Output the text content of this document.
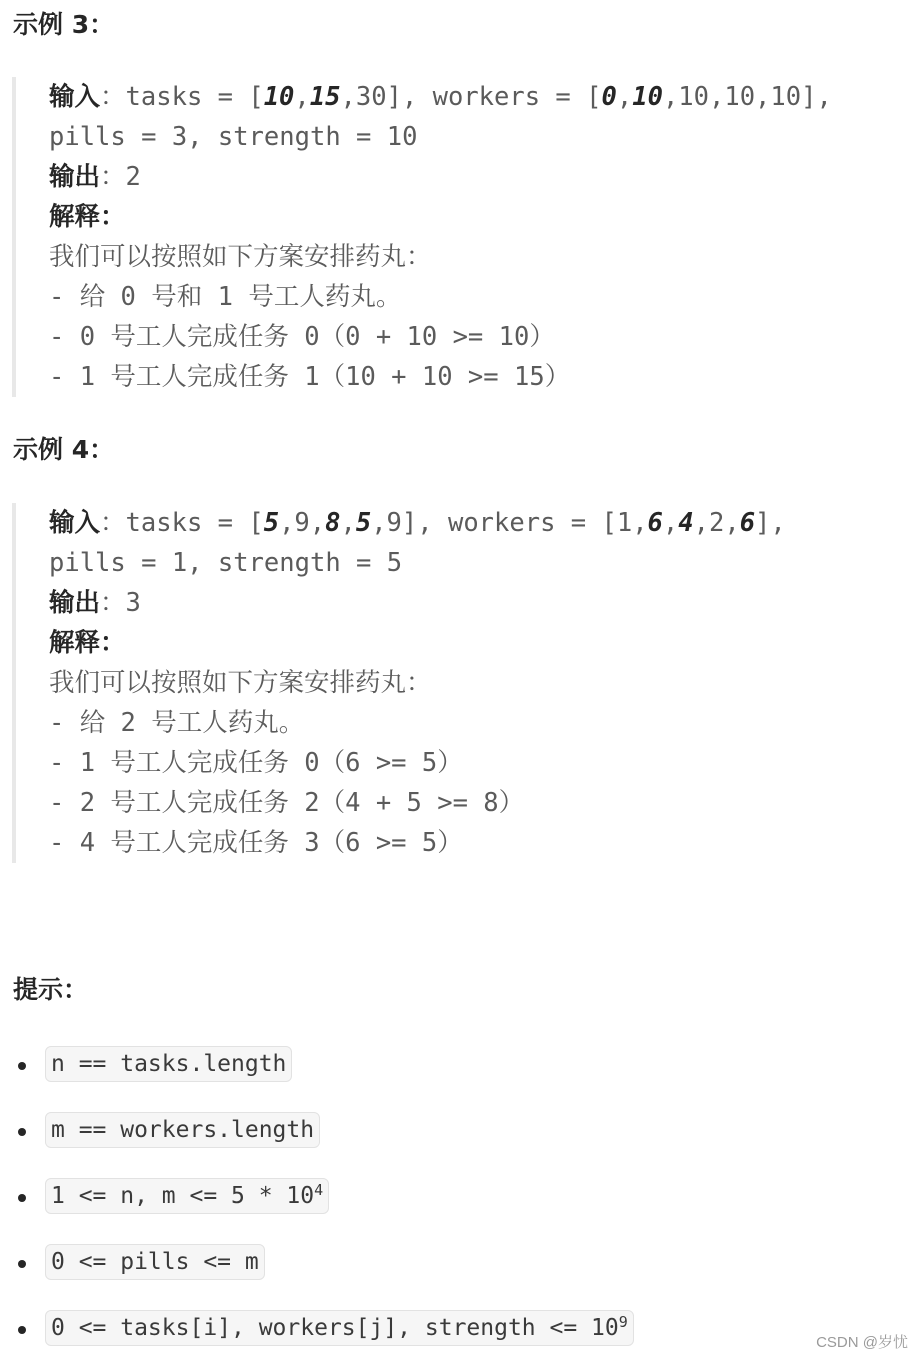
示例 3：
输入：tasks = [10,15,30], workers = [0,10,10,10,10],
pills = 3, strength = 10
输出：2
解释：
我们可以按照如下方案安排药丸：
- 给 0 号和 1 号工人药丸。
- 0 号工人完成任务 0（0 + 10 >= 10）
- 1 号工人完成任务 1（10 + 10 >= 15）
示例 4：
输入：tasks = [5,9,8,5,9], workers = [1,6,4,2,6],
pills = 1, strength = 5
输出：3
解释：
我们可以按照如下方案安排药丸：
- 给 2 号工人药丸。
- 1 号工人完成任务 0（6 >= 5）
- 2 号工人完成任务 2（4 + 5 >= 8）
- 4 号工人完成任务 3（6 >= 5）
提示：
n == tasks.length
m == workers.length
1 <= n, $m <= 5 * 10^4$
0 <= pills <= m
0 <= tasks[i], workers[j], strength <= $10^9$
CSDN @岁忧
